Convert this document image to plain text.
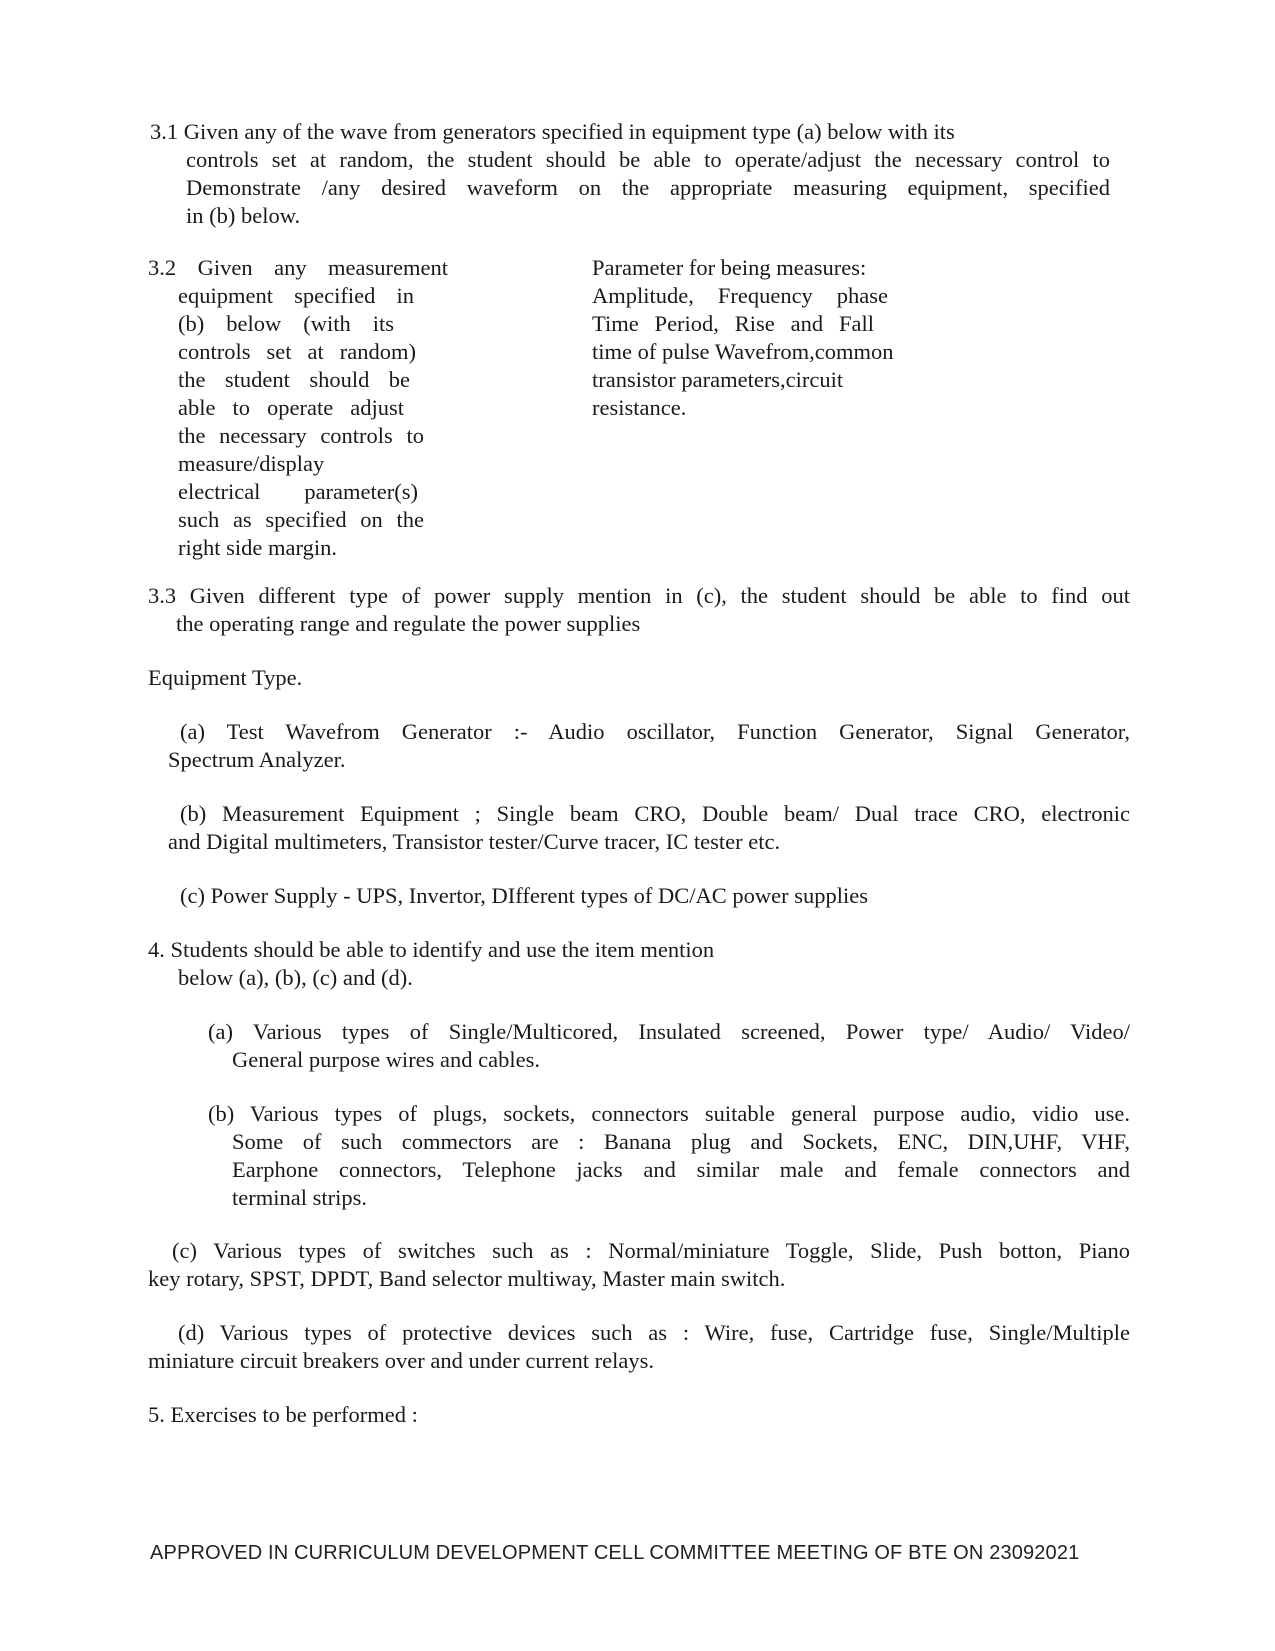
3.1 Given any of the wave from generators specified in equipment type (a) below with its
controls set at random, the student should be able to operate/adjust the necessary control to
Demonstrate /any desired waveform on the appropriate measuring equipment, specified
in (b) below.
3.2 Given any measurement
equipment specified in
(b) below (with its
controls set at random)
the student should be
able to operate adjust
the necessary controls to
measure/display
electrical parameter(s)
such as specified on the
right side margin.
Parameter for being measures:
Amplitude, Frequency phase
Time Period, Rise and Fall
time of pulse Wavefrom,common
transistor parameters,circuit
resistance.
3.3 Given different type of power supply mention in (c), the student should be able to find out
the operating range and regulate the power supplies
Equipment Type.
(a) Test Wavefrom Generator :- Audio oscillator, Function Generator, Signal Generator,
Spectrum Analyzer.
(b) Measurement Equipment ; Single beam CRO, Double beam/ Dual trace CRO, electronic
and Digital multimeters, Transistor tester/Curve tracer, IC tester etc.
(c) Power Supply - UPS, Invertor, DIfferent types of DC/AC power supplies
4. Students should be able to identify and use the item mention
below (a), (b), (c) and (d).
(a) Various types of Single/Multicored, Insulated screened, Power type/ Audio/ Video/
General purpose wires and cables.
(b) Various types of plugs, sockets, connectors suitable general purpose audio, vidio use.
Some of such commectors are : Banana plug and Sockets, ENC, DIN,UHF, VHF,
Earphone connectors, Telephone jacks and similar male and female connectors and
terminal strips.
(c) Various types of switches such as : Normal/miniature Toggle, Slide, Push botton, Piano
key rotary, SPST, DPDT, Band selector multiway, Master main switch.
(d) Various types of protective devices such as : Wire, fuse, Cartridge fuse, Single/Multiple
miniature circuit breakers over and under current relays.
5. Exercises to be performed :
APPROVED IN CURRICULUM DEVELOPMENT CELL COMMITTEE MEETING OF BTE ON 23092021
